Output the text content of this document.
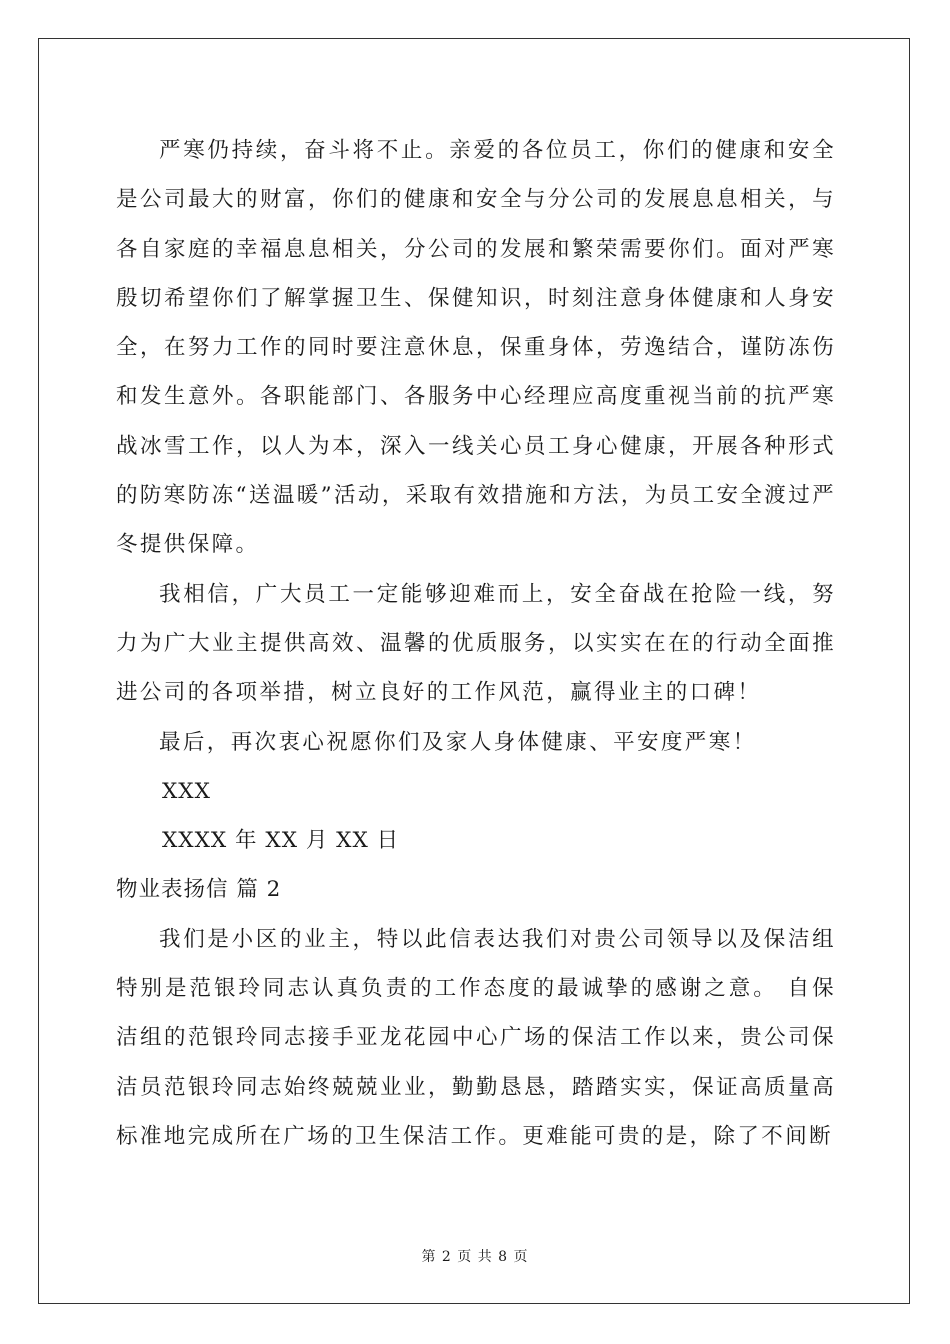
严寒仍持续，奋斗将不止。亲爱的各位员工，你们的健康和安全是公司最大的财富，你们的健康和安全与分公司的发展息息相关，与各自家庭的幸福息息相关，分公司的发展和繁荣需要你们。面对严寒殷切希望你们了解掌握卫生、保健知识，时刻注意身体健康和人身安全，在努力工作的同时要注意休息，保重身体，劳逸结合，谨防冻伤和发生意外。各职能部门、各服务中心经理应高度重视当前的抗严寒战冰雪工作，以人为本，深入一线关心员工身心健康，开展各种形式的防寒防冻“送温暖”活动，采取有效措施和方法，为员工安全渡过严冬提供保障。

我相信，广大员工一定能够迎难而上，安全奋战在抢险一线，努力为广大业主提供高效、温馨的优质服务，以实实在在的行动全面推进公司的各项举措，树立良好的工作风范，赢得业主的口碑！

最后，再次衷心祝愿你们及家人身体健康、平安度严寒！

XXX

XXXX 年 XX 月 XX 日

物业表扬信 篇 2

我们是小区的业主，特以此信表达我们对贵公司领导以及保洁组特别是范银玲同志认真负责的工作态度的最诚挚的感谢之意。 自保洁组的范银玲同志接手亚龙花园中心广场的保洁工作以来，贵公司保洁员范银玲同志始终兢兢业业，勤勤恳恳，踏踏实实，保证高质量高标准地完成所在广场的卫生保洁工作。更难能可贵的是，除了不间断

第 2 页 共 8 页
